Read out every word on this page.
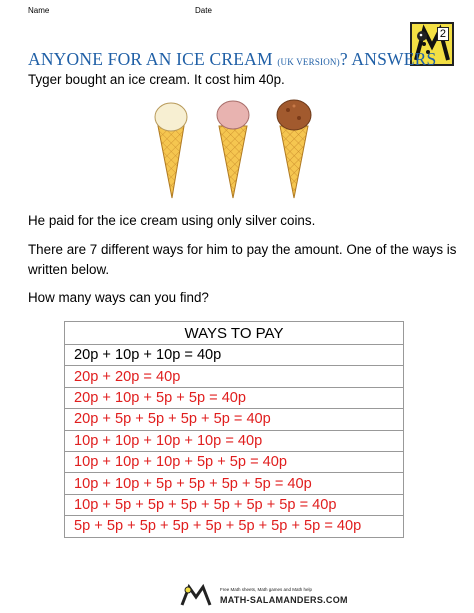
Name	Date
2
ANYONE FOR AN ICE CREAM (UK VERSION)? ANSWERS
Tyger bought an ice cream. It cost him 40p.
He paid for the ice cream using only silver coins.
There are 7 different ways for him to pay the amount. One of the ways is written below.
How many ways can you find?
WAYS TO PAY
20p + 10p + 10p = 40p
20p + 20p = 40p
20p + 10p + 5p + 5p = 40p
20p + 5p + 5p + 5p + 5p = 40p
10p + 10p + 10p + 10p = 40p
10p + 10p + 10p + 5p + 5p = 40p
10p + 10p + 5p + 5p + 5p + 5p = 40p
10p + 5p + 5p + 5p + 5p + 5p + 5p = 40p
5p + 5p + 5p + 5p + 5p + 5p + 5p + 5p = 40p
Free Math sheets, Math games and Math help
MATH-SALAMANDERS.COM
